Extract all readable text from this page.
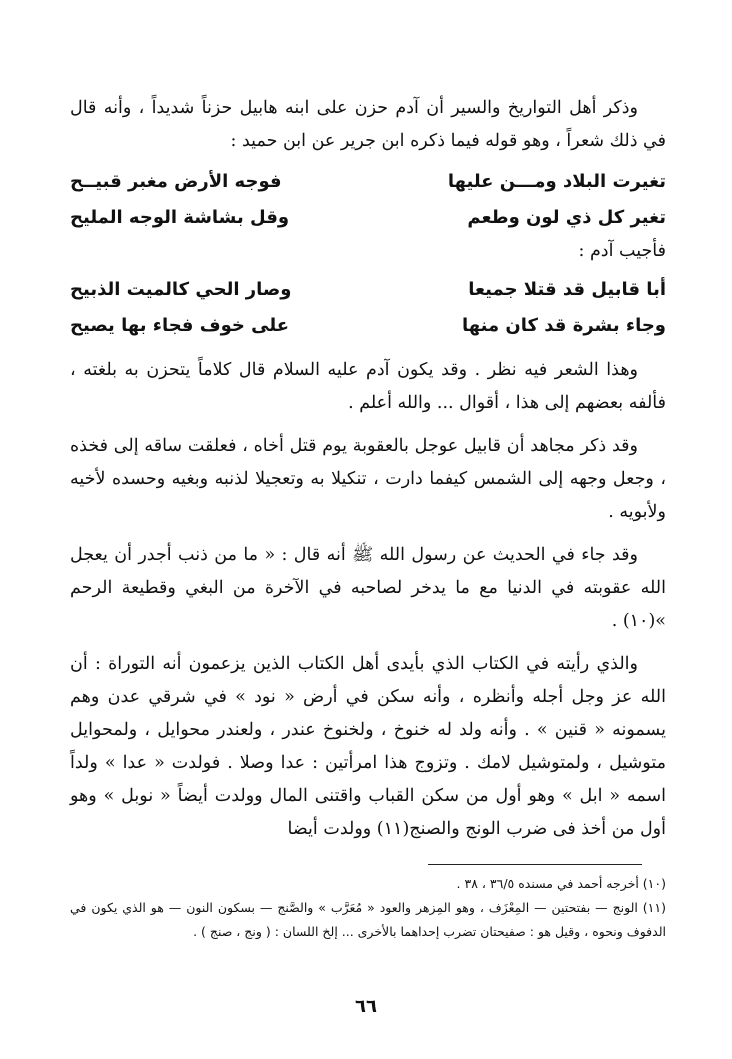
وذكر أهل التواريخ والسير أن آدم حزن على ابنه هابيل حزناً شديداً ، وأنه قال في ذلك شعراً ، وهو قوله فيما ذكره ابن جرير عن ابن حميد :

تغيرت البلاد ومـــن عليها
فوجه الأرض مغبر قبيــح
تغير كل ذي لون وطعم
وقل بشاشة الوجه المليح

فأجيب آدم :

أبا قابيل قد قتلا جميعا
وصار الحي كالميت الذبيح
وجاء بشرة قد كان منها
على خوف فجاء بها يصيح

وهذا الشعر فيه نظر . وقد يكون آدم عليه السلام قال كلاماً يتحزن به بلغته ، فألفه بعضهم إلى هذا ، أقوال ... والله أعلم .

وقد ذكر مجاهد أن قابيل عوجل بالعقوبة يوم قتل أخاه ، فعلقت ساقه إلى فخذه ، وجعل وجهه إلى الشمس كيفما دارت ، تنكيلا به وتعجيلا لذنبه وبغيه وحسده لأخيه ولأبويه .

وقد جاء في الحديث عن رسول الله ﷺ أنه قال : « ما من ذنب أجدر أن يعجل الله عقوبته في الدنيا مع ما يدخر لصاحبه في الآخرة من البغي وقطيعة الرحم »(١٠) .

والذي رأيته في الكتاب الذي بأيدى أهل الكتاب الذين يزعمون أنه التوراة : أن الله عز وجل أجله وأنظره ، وأنه سكن في أرض « نود » في شرقي عدن وهم يسمونه « قنين » . وأنه ولد له خنوخ ، ولخنوخ عندر ، ولعندر محوايل ، ولمحوايل متوشيل ، ولمتوشيل لامك . وتزوج هذا امرأتين : عدا وصلا . فولدت « عدا » ولداً اسمه « ابل » وهو أول من سكن القباب واقتنى المال وولدت أيضاً « نوبل » وهو أول من أخذ فى ضرب الونج والصنج(١١) وولدت أيضا

(١٠) أخرجه أحمد في مسنده ٣٦/٥ ، ٣٨ .

(١١) الونج — بفتحتين — المِعْزَف ، وهو المِزهر والعود « مُعَرَّب » والصَّنج — بسكون النون — هو الذي يكون في الدفوف ونحوه ، وقيل هو : صفيحتان تضرب إحداهما بالأخرى ... إلخ اللسان : ( ونج ، صنج ) .

٦٦
